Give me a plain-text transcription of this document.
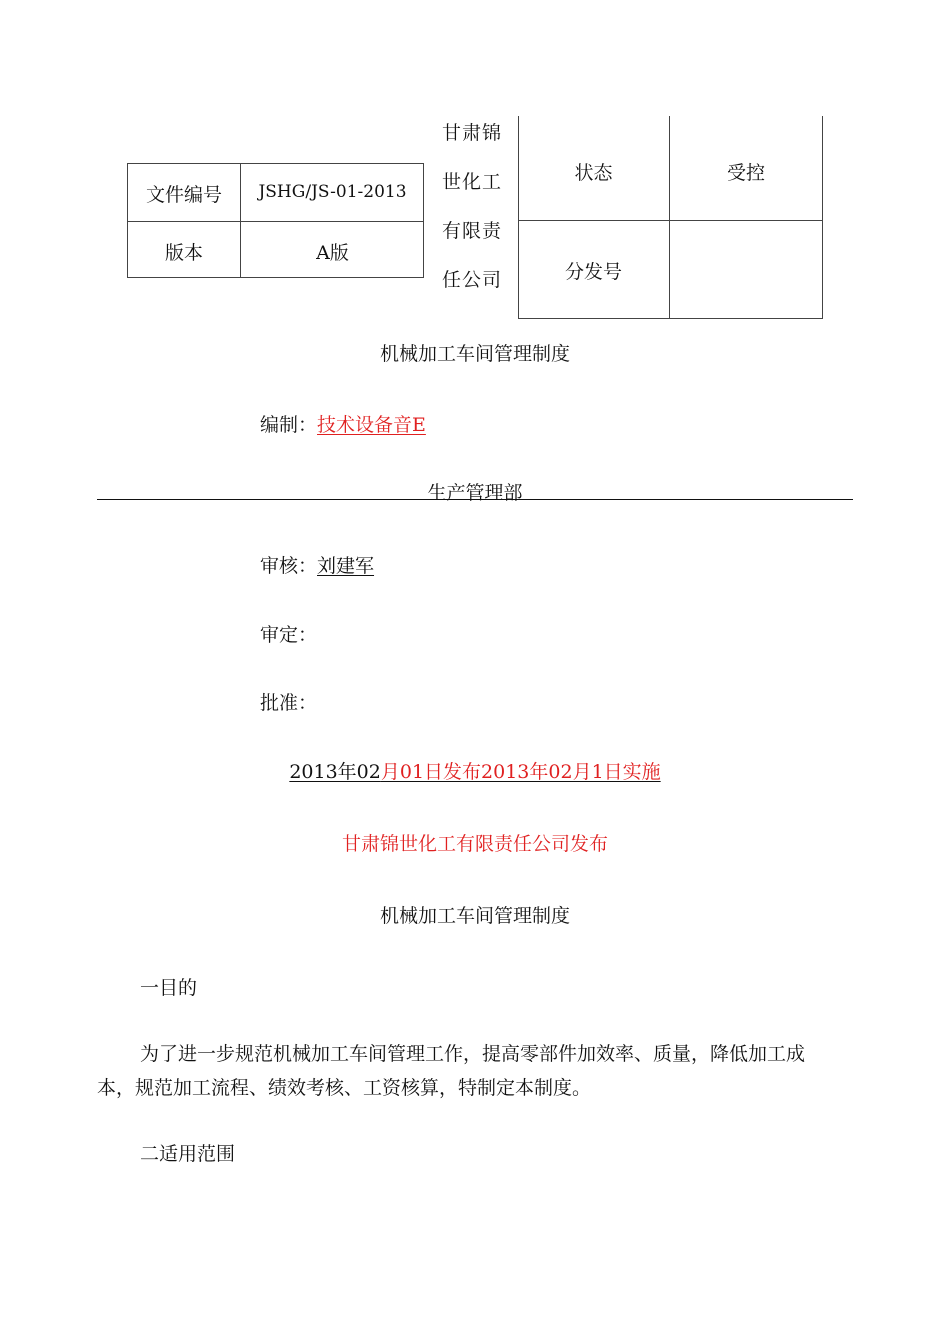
文件编号	JSHG/JS-01-2013
版本	A版
甘肃锦
世化工
有限责
任公司
状态	受控
分发号
机械加工车间管理制度
编制：技术设备音E
生产管理部
审核：刘建军
审定：
批准：
2013年02月01日发布2013年02月1日实施
甘肃锦世化工有限责任公司发布
机械加工车间管理制度
一目的
为了进一步规范机械加工车间管理工作，提高零部件加效率、质量，降低加工成本，规范加工流程、绩效考核、工资核算，特制定本制度。
二适用范围
